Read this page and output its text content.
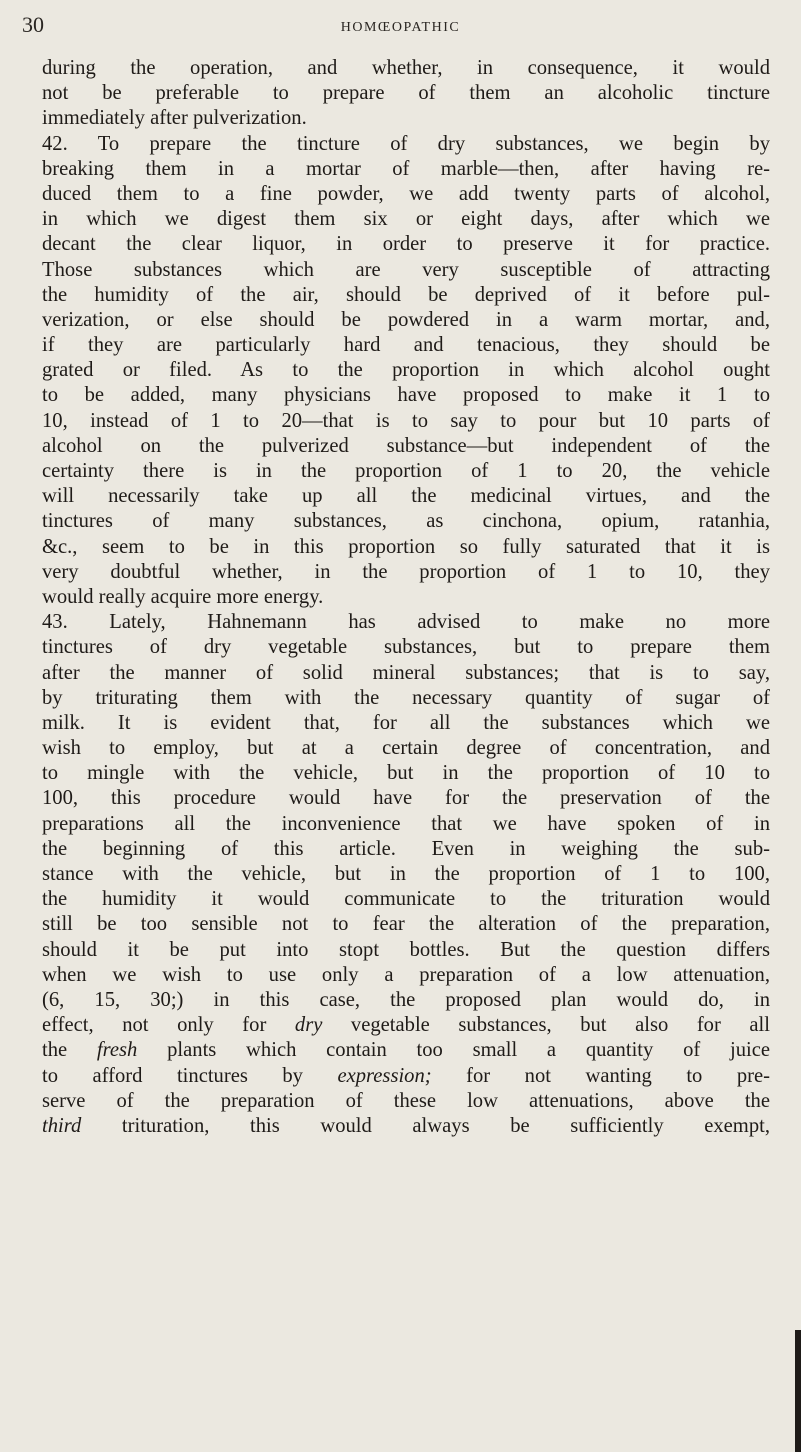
30	HOMŒOPATHIC
during the operation, and whether, in consequence, it would
not be preferable to prepare of them an alcoholic tincture
immediately after pulverization.
42. To prepare the tincture of dry substances, we begin by
breaking them in a mortar of marble—then, after having re-
duced them to a fine powder, we add twenty parts of alcohol,
in which we digest them six or eight days, after which we
decant the clear liquor, in order to preserve it for practice.
Those substances which are very susceptible of attracting
the humidity of the air, should be deprived of it before pul-
verization, or else should be powdered in a warm mortar, and,
if they are particularly hard and tenacious, they should be
grated or filed. As to the proportion in which alcohol ought
to be added, many physicians have proposed to make it 1 to
10, instead of 1 to 20—that is to say to pour but 10 parts of
alcohol on the pulverized substance—but independent of the
certainty there is in the proportion of 1 to 20, the vehicle
will necessarily take up all the medicinal virtues, and the
tinctures of many substances, as cinchona, opium, ratanhia,
&c., seem to be in this proportion so fully saturated that it is
very doubtful whether, in the proportion of 1 to 10, they
would really acquire more energy.
43. Lately, Hahnemann has advised to make no more
tinctures of dry vegetable substances, but to prepare them
after the manner of solid mineral substances; that is to say,
by triturating them with the necessary quantity of sugar of
milk. It is evident that, for all the substances which we
wish to employ, but at a certain degree of concentration, and
to mingle with the vehicle, but in the proportion of 10 to
100, this procedure would have for the preservation of the
preparations all the inconvenience that we have spoken of in
the beginning of this article. Even in weighing the sub-
stance with the vehicle, but in the proportion of 1 to 100,
the humidity it would communicate to the trituration would
still be too sensible not to fear the alteration of the preparation,
should it be put into stopt bottles. But the question differs
when we wish to use only a preparation of a low attenuation,
(6, 15, 30;) in this case, the proposed plan would do, in
effect, not only for dry vegetable substances, but also for all
the fresh plants which contain too small a quantity of juice
to afford tinctures by expression; for not wanting to pre-
serve of the preparation of these low attenuations, above the
third trituration, this would always be sufficiently exempt,
